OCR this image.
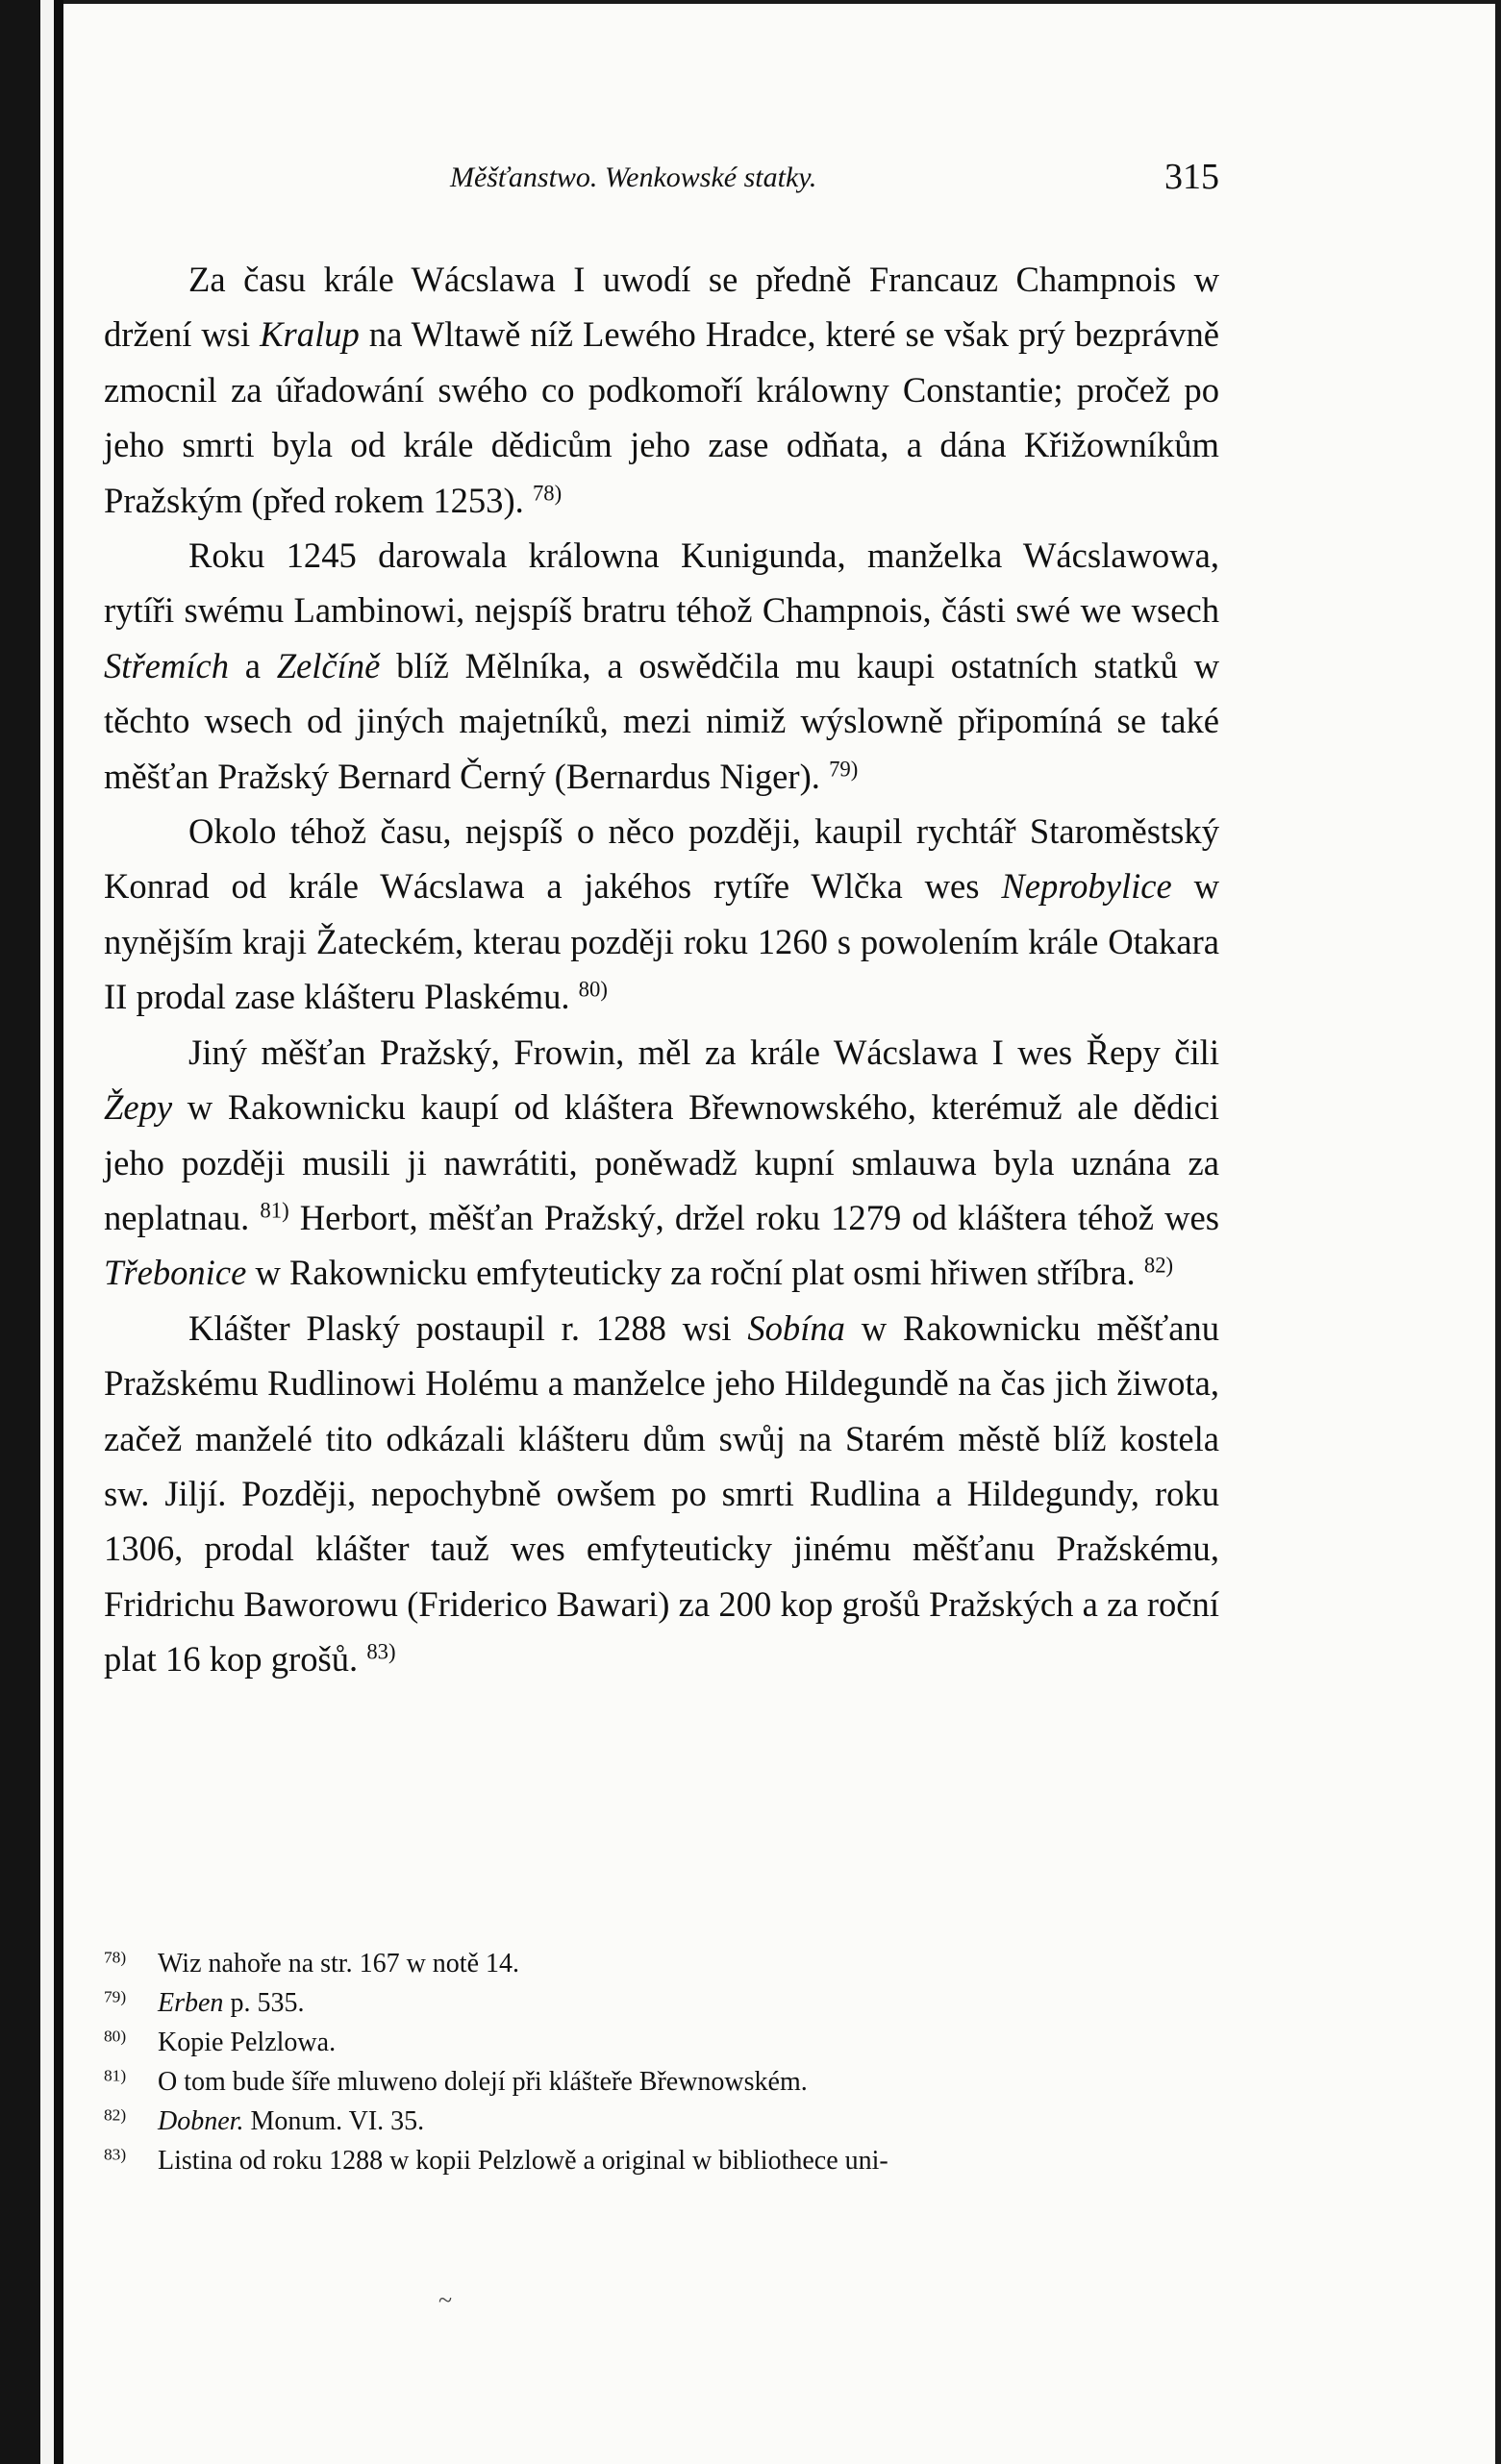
Měšťanstwo. Wenkowské statky.	315

Za času krále Wácslawa I uwodí se předně Francauz Champnois w držení wsi Kralup na Wltawě níž Lewého Hradce, které se však prý bezprávně zmocnil za úřadowání swého co podkomoří králowny Constantie; pročež po jeho smrti byla od krále dědicům jeho zase odňata, a dána Křižowníkům Pražským (před rokem 1253). $^{78)}$

Roku 1245 darowala králowna Kunigunda, manželka Wácslawowa, rytíři swému Lambinowi, nejspíš bratru téhož Champnois, části swé we wsech Střemích a Zelčíně blíž Mělníka, a oswědčila mu kaupi ostatních statků w těchto wsech od jiných majetníků, mezi nimiž wýslowně připomíná se také měšťan Pražský Bernard Černý (Bernardus Niger). $^{79)}$

Okolo téhož času, nejspíš o něco později, kaupil rychtář Staroměstský Konrad od krále Wácslawa a jakéhos rytíře Wlčka wes Neprobylice w nynějším kraji Žateckém, kterau později roku 1260 s powolením krále Otakara II prodal zase klášteru Plaskému. $^{80)}$

Jiný měšťan Pražský, Frowin, měl za krále Wácslawa I wes Řepy čili Žepy w Rakownicku kaupí od kláštera Břewnowského, kterémuž ale dědici jeho později musili ji nawrátiti, poněwadž kupní smlauwa byla uznána za neplatnau. $^{81)}$ Herbort, měšťan Pražský, držel roku 1279 od kláštera téhož wes Třebonice w Rakownicku emfyteuticky za roční plat osmi hřiwen stříbra. $^{82)}$

Klášter Plaský postaupil r. 1288 wsi Sobína w Rakownicku měšťanu Pražskému Rudlinowi Holému a manželce jeho Hildegundě na čas jich žiwota, začež manželé tito odkázali klášteru dům swůj na Starém městě blíž kostela sw. Jiljí. Později, nepochybně owšem po smrti Rudlina a Hildegundy, roku 1306, prodal klášter tauž wes emfyteuticky jinému měšťanu Pražskému, Fridrichu Baworowu (Friderico Bawari) za 200 kop grošů Pražských a za roční plat 16 kop grošů. $^{83)}$

$^{78)}$ Wiz nahoře na str. 167 w notě 14.
$^{79)}$ Erben p. 535.
$^{80)}$ Kopie Pelzlowa.
$^{81)}$ O tom bude šíře mluweno dolejí při klášteře Břewnowském.
$^{82)}$ Dobner. Monum. VI. 35.
$^{83)}$ Listina od roku 1288 w kopii Pelzlowě a original w bibliothece uni-
~
